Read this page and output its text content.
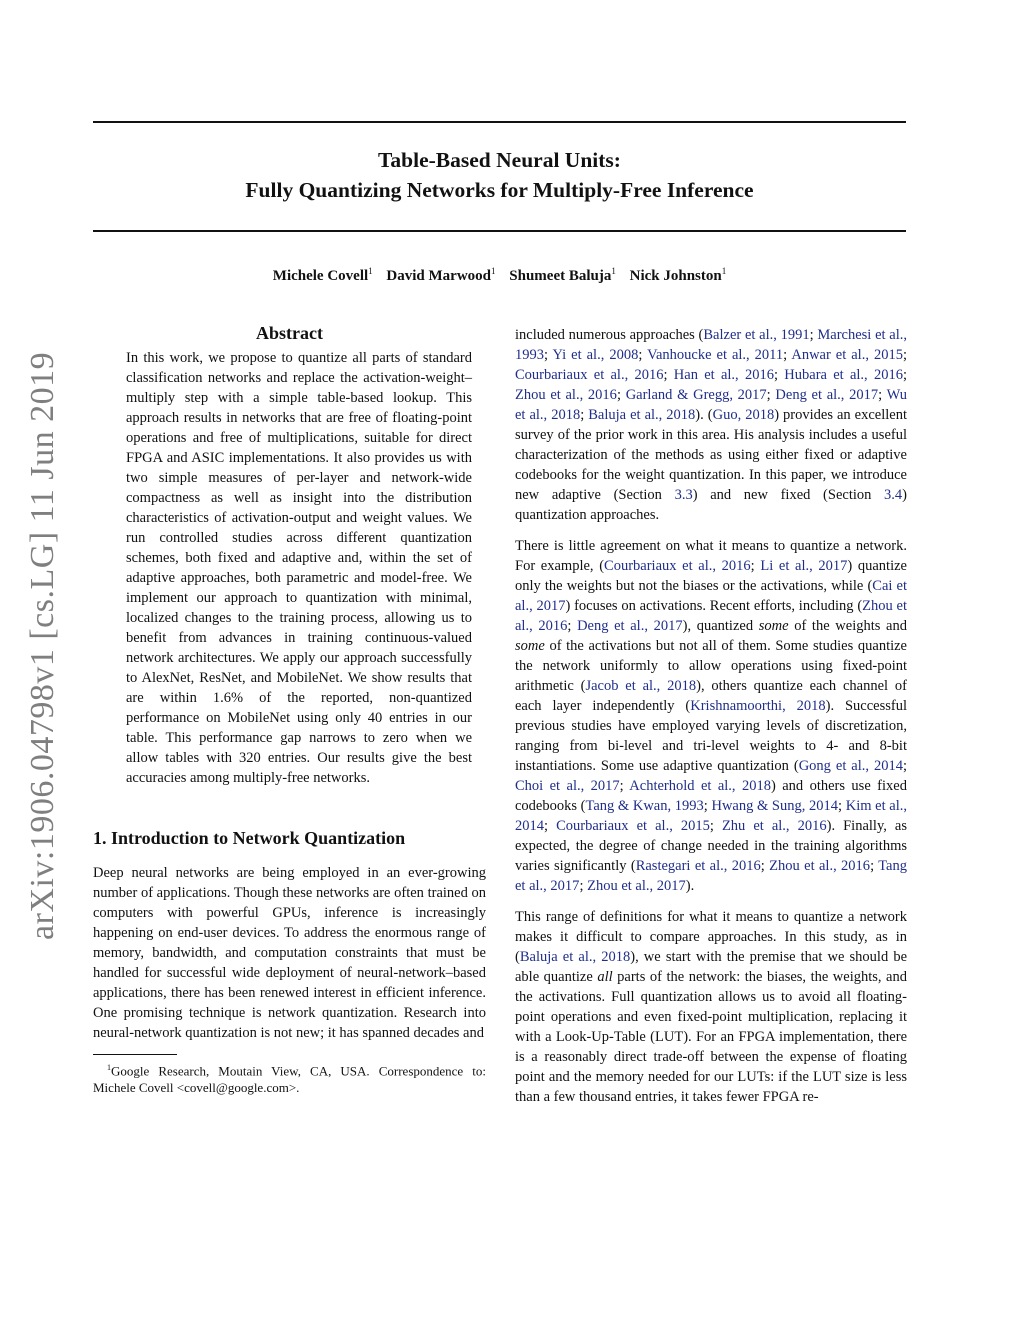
arXiv:1906.04798v1 [cs.LG] 11 Jun 2019
Table-Based Neural Units:
Fully Quantizing Networks for Multiply-Free Inference
Michele Covell$^1$ David Marwood$^1$ Shumeet Baluja$^1$ Nick Johnston$^1$
Abstract
In this work, we propose to quantize all parts of standard classification networks and replace the activation-weight–multiply step with a simple table-based lookup. This approach results in networks that are free of floating-point operations and free of multiplications, suitable for direct FPGA and ASIC implementations. It also provides us with two simple measures of per-layer and network-wide compactness as well as insight into the distribution characteristics of activation-output and weight values. We run controlled studies across different quantization schemes, both fixed and adaptive and, within the set of adaptive approaches, both parametric and model-free. We implement our approach to quantization with minimal, localized changes to the training process, allowing us to benefit from advances in training continuous-valued network architectures. We apply our approach successfully to AlexNet, ResNet, and MobileNet. We show results that are within 1.6% of the reported, non-quantized performance on MobileNet using only 40 entries in our table. This performance gap narrows to zero when we allow tables with 320 entries. Our results give the best accuracies among multiply-free networks.
1. Introduction to Network Quantization

Deep neural networks are being employed in an ever-growing number of applications. Though these networks are often trained on computers with powerful GPUs, inference is increasingly happening on end-user devices. To address the enormous range of memory, bandwidth, and computation constraints that must be handled for successful wide deployment of neural-network–based applications, there has been renewed interest in efficient inference. One promising technique is network quantization. Research into neural-network quantization is not new; it has spanned decades and

$^1$Google Research, Moutain View, CA, USA. Correspondence to: Michele Covell <covell@google.com>.

included numerous approaches (Balzer et al., 1991; Marchesi et al., 1993; Yi et al., 2008; Vanhoucke et al., 2011; Anwar et al., 2015; Courbariaux et al., 2016; Han et al., 2016; Hubara et al., 2016; Zhou et al., 2016; Garland & Gregg, 2017; Deng et al., 2017; Wu et al., 2018; Baluja et al., 2018). (Guo, 2018) provides an excellent survey of the prior work in this area. His analysis includes a useful characterization of the methods as using either fixed or adaptive codebooks for the weight quantization. In this paper, we introduce new adaptive (Section 3.3) and new fixed (Section 3.4) quantization approaches.

There is little agreement on what it means to quantize a network. For example, (Courbariaux et al., 2016; Li et al., 2017) quantize only the weights but not the biases or the activations, while (Cai et al., 2017) focuses on activations. Recent efforts, including (Zhou et al., 2016; Deng et al., 2017), quantized some of the weights and some of the activations but not all of them. Some studies quantize the network uniformly to allow operations using fixed-point arithmetic (Jacob et al., 2018), others quantize each channel of each layer independently (Krishnamoorthi, 2018). Successful previous studies have employed varying levels of discretization, ranging from bi-level and tri-level weights to 4- and 8-bit instantiations. Some use adaptive quantization (Gong et al., 2014; Choi et al., 2017; Achterhold et al., 2018) and others use fixed codebooks (Tang & Kwan, 1993; Hwang & Sung, 2014; Kim et al., 2014; Courbariaux et al., 2015; Zhu et al., 2016). Finally, as expected, the degree of change needed in the training algorithms varies significantly (Rastegari et al., 2016; Zhou et al., 2016; Tang et al., 2017; Zhou et al., 2017).

This range of definitions for what it means to quantize a network makes it difficult to compare approaches. In this study, as in (Baluja et al., 2018), we start with the premise that we should be able quantize all parts of the network: the biases, the weights, and the activations. Full quantization allows us to avoid all floating-point operations and even fixed-point multiplication, replacing it with a Look-Up-Table (LUT). For an FPGA implementation, there is a reasonably direct trade-off between the expense of floating point and the memory needed for our LUTs: if the LUT size is less than a few thousand entries, it takes fewer FPGA re-
